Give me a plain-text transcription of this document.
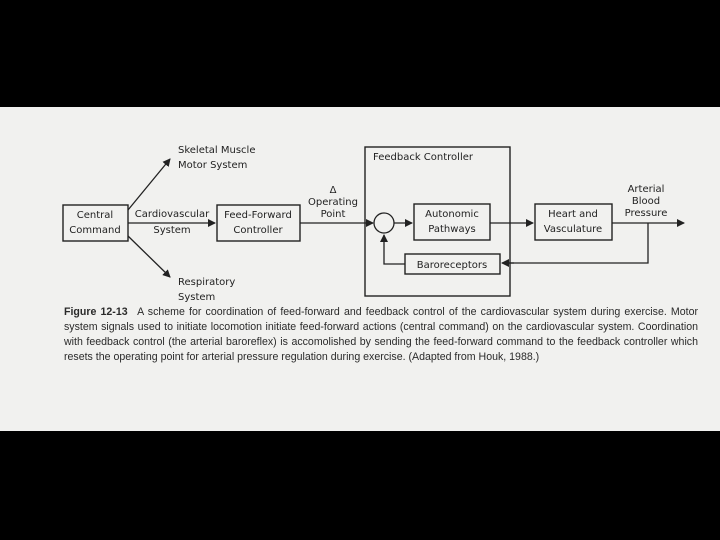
Central
Command
Cardiovascular
System
Skeletal Muscle
Motor System
Respiratory
System
Feed-Forward
Controller
Δ
Operating
Point
Feedback Controller
Autonomic
Pathways
Heart and
Vasculature
Arterial
Blood
Pressure
Baroreceptors
Figure 12-13 A scheme for coordination of feed-forward and feedback control of the cardiovascular system during exercise. Motor system signals used to initiate locomotion initiate feed-forward actions (central command) on the cardiovascular system. Coordination with feedback control (the arterial baroreflex) is accomolished by sending the feed-forward command to the feedback controller which resets the operating point for arterial pressure regulation during exercise. (Adapted from Houk, 1988.)
